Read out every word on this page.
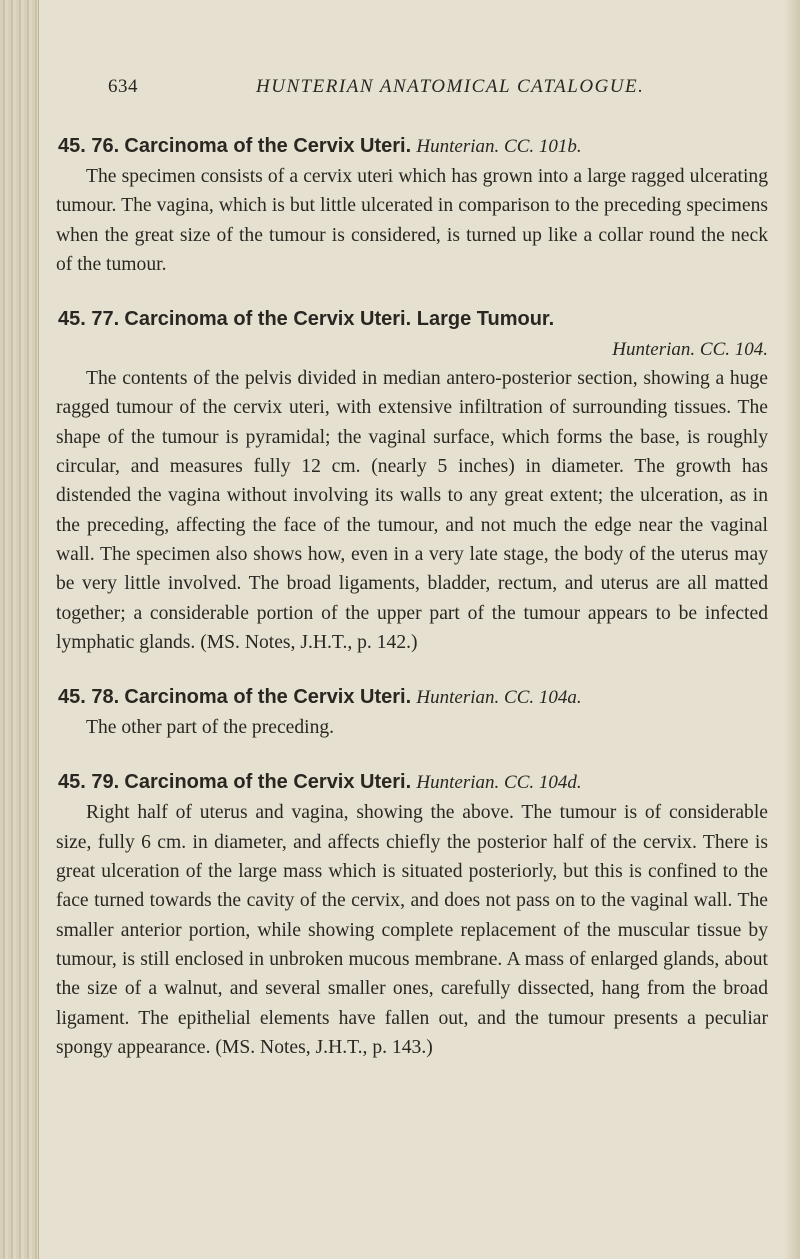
634	HUNTERIAN ANATOMICAL CATALOGUE.
45. 76. Carcinoma of the Cervix Uteri. Hunterian. CC. 101b.

The specimen consists of a cervix uteri which has grown into a large ragged ulcerating tumour. The vagina, which is but little ulcerated in comparison to the preceding specimens when the great size of the tumour is considered, is turned up like a collar round the neck of the tumour.

45. 77. Carcinoma of the Cervix Uteri. Large Tumour.
Hunterian. CC. 104.

The contents of the pelvis divided in median antero-posterior section, showing a huge ragged tumour of the cervix uteri, with extensive infiltration of surrounding tissues. The shape of the tumour is pyramidal; the vaginal surface, which forms the base, is roughly circular, and measures fully 12 cm. (nearly 5 inches) in diameter. The growth has distended the vagina without involving its walls to any great extent; the ulceration, as in the preceding, affecting the face of the tumour, and not much the edge near the vaginal wall. The specimen also shows how, even in a very late stage, the body of the uterus may be very little involved. The broad ligaments, bladder, rectum, and uterus are all matted together; a considerable portion of the upper part of the tumour appears to be infected lymphatic glands. (MS. Notes, J.H.T., p. 142.)

45. 78. Carcinoma of the Cervix Uteri. Hunterian. CC. 104a.

The other part of the preceding.

45. 79. Carcinoma of the Cervix Uteri. Hunterian. CC. 104d.

Right half of uterus and vagina, showing the above. The tumour is of considerable size, fully 6 cm. in diameter, and affects chiefly the posterior half of the cervix. There is great ulceration of the large mass which is situated posteriorly, but this is confined to the face turned towards the cavity of the cervix, and does not pass on to the vaginal wall. The smaller anterior portion, while showing complete replacement of the muscular tissue by tumour, is still enclosed in unbroken mucous membrane. A mass of enlarged glands, about the size of a walnut, and several smaller ones, carefully dissected, hang from the broad ligament. The epithelial elements have fallen out, and the tumour presents a peculiar spongy appearance. (MS. Notes, J.H.T., p. 143.)
